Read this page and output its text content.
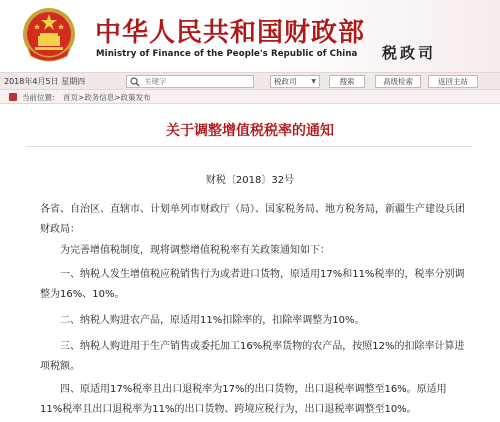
中华人民共和国财政部
Ministry of Finance of the People's Republic of China 税政司
2018年4月5日 星期四
关键字	税政司 ▼	搜索	高级检索	返回主站
当前位置: 首页>政务信息>政策发布
关于调整增值税税率的通知
财税〔2018〕32号
各省、自治区、直辖市、计划单列市财政厅（局）、国家税务局、地方税务局，新疆生产建设兵团财政局：
为完善增值税制度，现将调整增值税税率有关政策通知如下：
一、纳税人发生增值税应税销售行为或者进口货物，原适用17%和11%税率的，税率分别调整为16%、10%。
二、纳税人购进农产品，原适用11%扣除率的，扣除率调整为10%。
三、纳税人购进用于生产销售或委托加工16%税率货物的农产品，按照12%的扣除率计算进项税额。
四、原适用17%税率且出口退税率为17%的出口货物，出口退税率调整至16%。原适用11%税率且出口退税率为11%的出口货物、跨境应税行为，出口退税率调整至10%。
